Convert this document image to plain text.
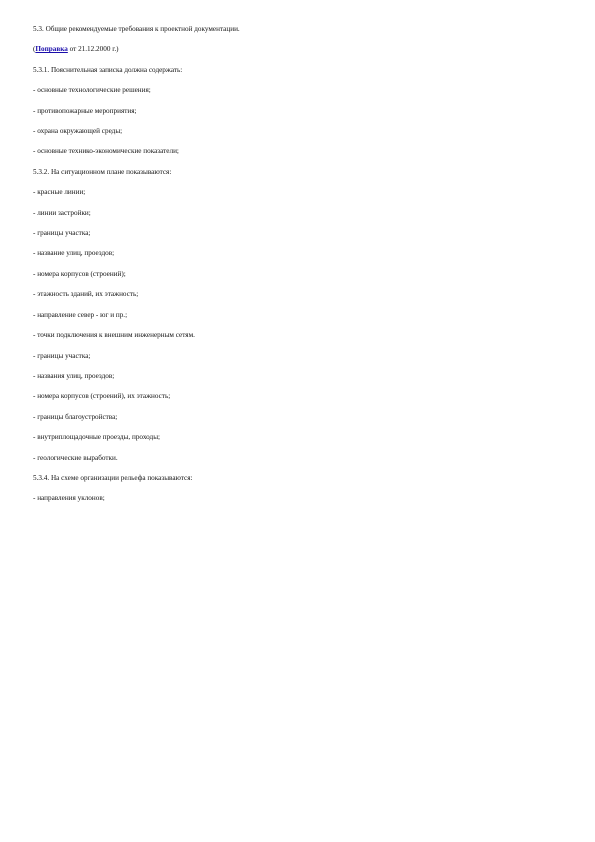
5.3. Общие рекомендуемые требования к проектной документации.
(Поправка от 21.12.2000 г.)
5.3.1. Пояснительная записка должна содержать:
- основные технологические решения;
- противопожарные мероприятия;
- охрана окружающей среды;
- основные технико-экономические показатели;
5.3.2. На ситуационном плане показываются:
- красные линии;
- линии застройки;
- границы участка;
- название улиц, проездов;
- номера корпусов (строений);
- этажность зданий, их этажность;
- направление север - юг и пр.;
- точки подключения к внешним инженерным сетям.
- границы участка;
- названия улиц, проездов;
- номера корпусов (строений), их этажность;
- границы благоустройства;
- внутриплощадочные проезды, проходы;
- геологические выработки.
5.3.4. На схеме организации рельефа показываются:
- направления уклонов;
